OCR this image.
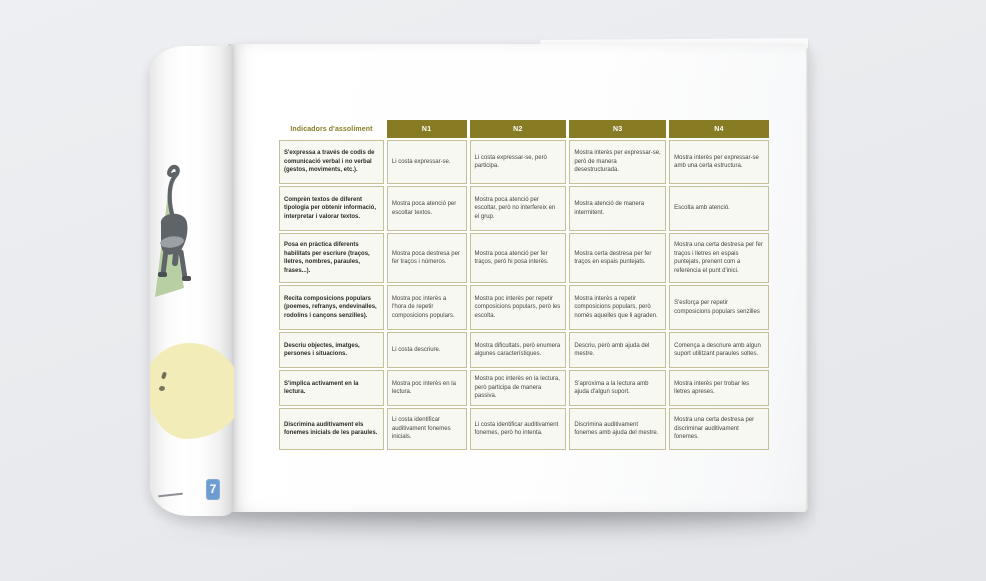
Indicadors d'assoliment	N1	N2	N3	N4
S'expressa a través de codis de comunicació verbal i no verbal (gestos, moviments, etc.).	Li costa expressar-se.	Li costa expressar-se, però participa.	Mostra interès per expressar-se, però de manera desestructurada.	Mostra interès per expressar-se amb una certa estructura.
Comprèn textos de diferent tipologia per obtenir informació, interpretar i valorar textos.	Mostra poca atenció per escoltar textos.	Mostra poca atenció per escoltar, però no interfereix en el grup.	Mostra atenció de manera intermitent.	Escolta amb atenció.
Posa en pràctica diferents habilitats per escriure (traços, lletres, nombres, paraules, frases...).	Mostra poca destresa per fer traços i números.	Mostra poca atenció per fer traços, però hi posa interès.	Mostra certa destresa per fer traços en espais puntejats.	Mostra una certa destresa per fer traços i lletres en espais puntejats, prenent com a referència el punt d'inici.
Recita composicions populars (poemes, refranys, endevinalles, rodolins i cançons senzilles).	Mostra poc interès a l'hora de repetir composicions populars.	Mostra poc interès per repetir composicions populars, però les escolta.	Mostra interès a repetir composicions populars, però només aquelles que li agraden.	S'esforça per repetir composicions populars senzilles
Descriu objectes, imatges, persones i situacions.	Li costa descriure.	Mostra dificultats, però enumera algunes característiques.	Descriu, però amb ajuda del mestre.	Comença a descriure amb algun suport utilitzant paraules soltes.
S'implica activament en la lectura.	Mostra poc interès en la lectura.	Mostra poc interès en la lectura, però participa de manera passiva.	S'aproxima a la lectura amb ajuda d'algun suport.	Mostra interès per trobar les lletres apreses.
Discrimina auditivament els fonemes inicials de les paraules.	Li costa identificar auditivament fonemes inicials.	Li costa identificar auditivament fonemes, però ho intenta.	Discrimina auditivament fonemes amb ajuda del mestre.	Mostra una certa destresa per discriminar auditivament fonemes.
7
